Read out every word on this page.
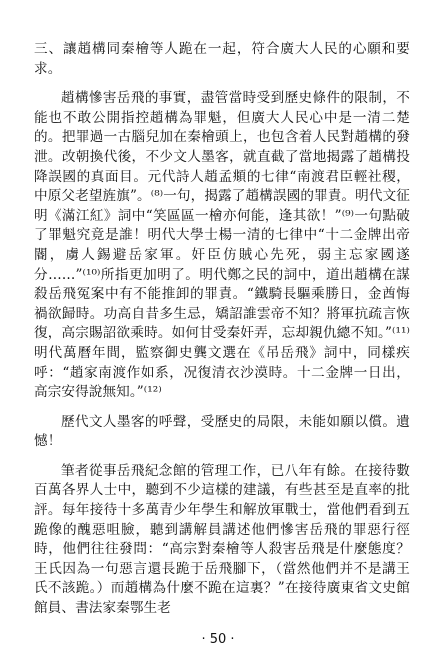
三、讓趙構同秦檜等人跪在一起，符合廣大人民的心願和要求。

趙構慘害岳飛的事實，盡管當時受到歷史條件的限制，不能也不敢公開指控趙構為罪魁，但廣大人民心中是一清二楚的。把罪過一古腦兒加在秦檜頭上，也包含着人民對趙構的發泄。改朝換代後，不少文人墨客，就直截了當地揭露了趙構投降誤國的真面目。元代詩人趙孟頫的七律“南渡君臣輕社稷，中原父老望旌旗”。⁽⁸⁾一句，揭露了趙構誤國的罪責。明代文征明《滿江紅》詞中“笑區區一檜亦何能，逢其欲！”⁽⁹⁾一句點破了罪魁究竟是誰！明代大學士楊一清的七律中“十二金牌出帝閽，虜人錫避岳家軍。奸臣仿賊心先死，弱主忘家國遂分……”⁽¹⁰⁾所指更加明了。明代鄭之民的詞中，道出趙構在謀殺岳飛冤案中有不能推卸的罪責。“鐵騎長驅乘勝日，金酋悔禍欲歸時。功高自昔多生忌，矯詔誰雲帝不知？將軍抗疏言恢復，高宗賜詔欲乘時。如何甘受秦奸弄，忘却親仇總不知。”⁽¹¹⁾明代萬曆年間，監察御史龔文選在《吊岳飛》詞中，同樣疾呼：“趙家南渡作如系，况復清衣沙漠時。十二金牌一日出，高宗安得說無知。”⁽¹²⁾

歷代文人墨客的呼聲，受歷史的局限，未能如願以償。遺憾！

筆者從事岳飛紀念館的管理工作，已八年有餘。在接待數百萬各界人士中，聽到不少這樣的建議，有些甚至是直率的批評。每年接待十多萬青少年學生和解放軍戰士，當他們看到五跪像的醜惡咀臉，聽到講解員講述他們慘害岳飛的罪惡行徑時，他們往往發問：“高宗對秦檜等人殺害岳飛是什麼態度？王氏因為一句惡言還長跪于岳飛腳下，（當然他們并不是講王氏不該跪。）而趙構為什麼不跪在這裏？”在接待廣東省文史館館員、書法家秦鄂生老

· 50 ·
